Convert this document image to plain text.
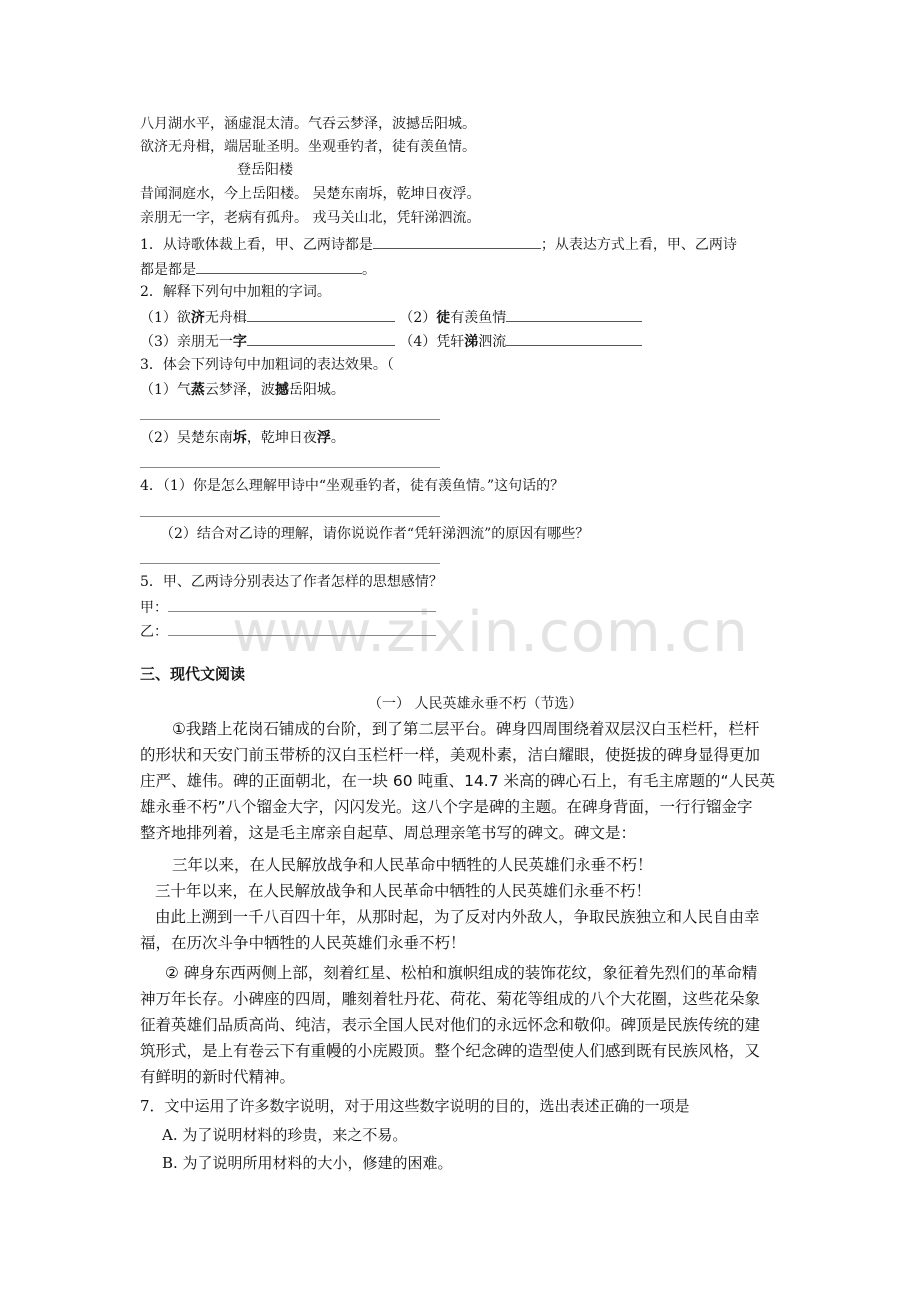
www.zixin.com.cn
八月湖水平，涵虚混太清。气吞云梦泽，波撼岳阳城。
欲济无舟楫，端居耻圣明。坐观垂钓者，徒有羡鱼情。
登岳阳楼
昔闻洞庭水，今上岳阳楼。 吴楚东南坼，乾坤日夜浮。
亲朋无一字，老病有孤舟。 戎马关山北，凭轩涕泗流。
1．从诗歌体裁上看，甲、乙两诗都是	；从表达方式上看，甲、乙两诗
都是都是	。
2．解释下列句中加粗的字词。
（1）欲济无舟楫	（2）徒有羡鱼情
（3）亲朋无一字	（4）凭轩涕泗流
3．体会下列诗句中加粗词的表达效果。（
（1）气蒸云梦泽，波撼岳阳城。
（2）吴楚东南坼，乾坤日夜浮。
4．（1）你是怎么理解甲诗中“坐观垂钓者，徒有羡鱼情。”这句话的？
（2）结合对乙诗的理解，请你说说作者“凭轩涕泗流”的原因有哪些？
5．甲、乙两诗分别表达了作者怎样的思想感情？
甲：
乙：
三、现代文阅读
（一） 人民英雄永垂不朽（节选）
①我踏上花岗石铺成的台阶，到了第二层平台。碑身四周围绕着双层汉白玉栏杆，栏杆
的形状和天安门前玉带桥的汉白玉栏杆一样，美观朴素，洁白耀眼，使挺拔的碑身显得更加
庄严、雄伟。碑的正面朝北，在一块 60 吨重、14.7 米高的碑心石上，有毛主席题的“人民英
雄永垂不朽”八个镏金大字，闪闪发光。这八个字是碑的主题。在碑身背面，一行行镏金字
整齐地排列着，这是毛主席亲自起草、周总理亲笔书写的碑文。碑文是：
三年以来，在人民解放战争和人民革命中牺牲的人民英雄们永垂不朽！
三十年以来，在人民解放战争和人民革命中牺牲的人民英雄们永垂不朽！
由此上溯到一千八百四十年，从那时起，为了反对内外敌人，争取民族独立和人民自由幸
福，在历次斗争中牺牲的人民英雄们永垂不朽！
② 碑身东西两侧上部，刻着红星、松柏和旗帜组成的装饰花纹，象征着先烈们的革命精
神万年长存。小碑座的四周，雕刻着牡丹花、荷花、菊花等组成的八个大花圈，这些花朵象
征着英雄们品质高尚、纯洁，表示全国人民对他们的永远怀念和敬仰。碑顶是民族传统的建
筑形式，是上有卷云下有重幔的小庑殿顶。整个纪念碑的造型使人们感到既有民族风格，又
有鲜明的新时代精神。
7．文中运用了许多数字说明，对于用这些数字说明的目的，选出表述正确的一项是
A. 为了说明材料的珍贵，来之不易。
B. 为了说明所用材料的大小，修建的困难。
